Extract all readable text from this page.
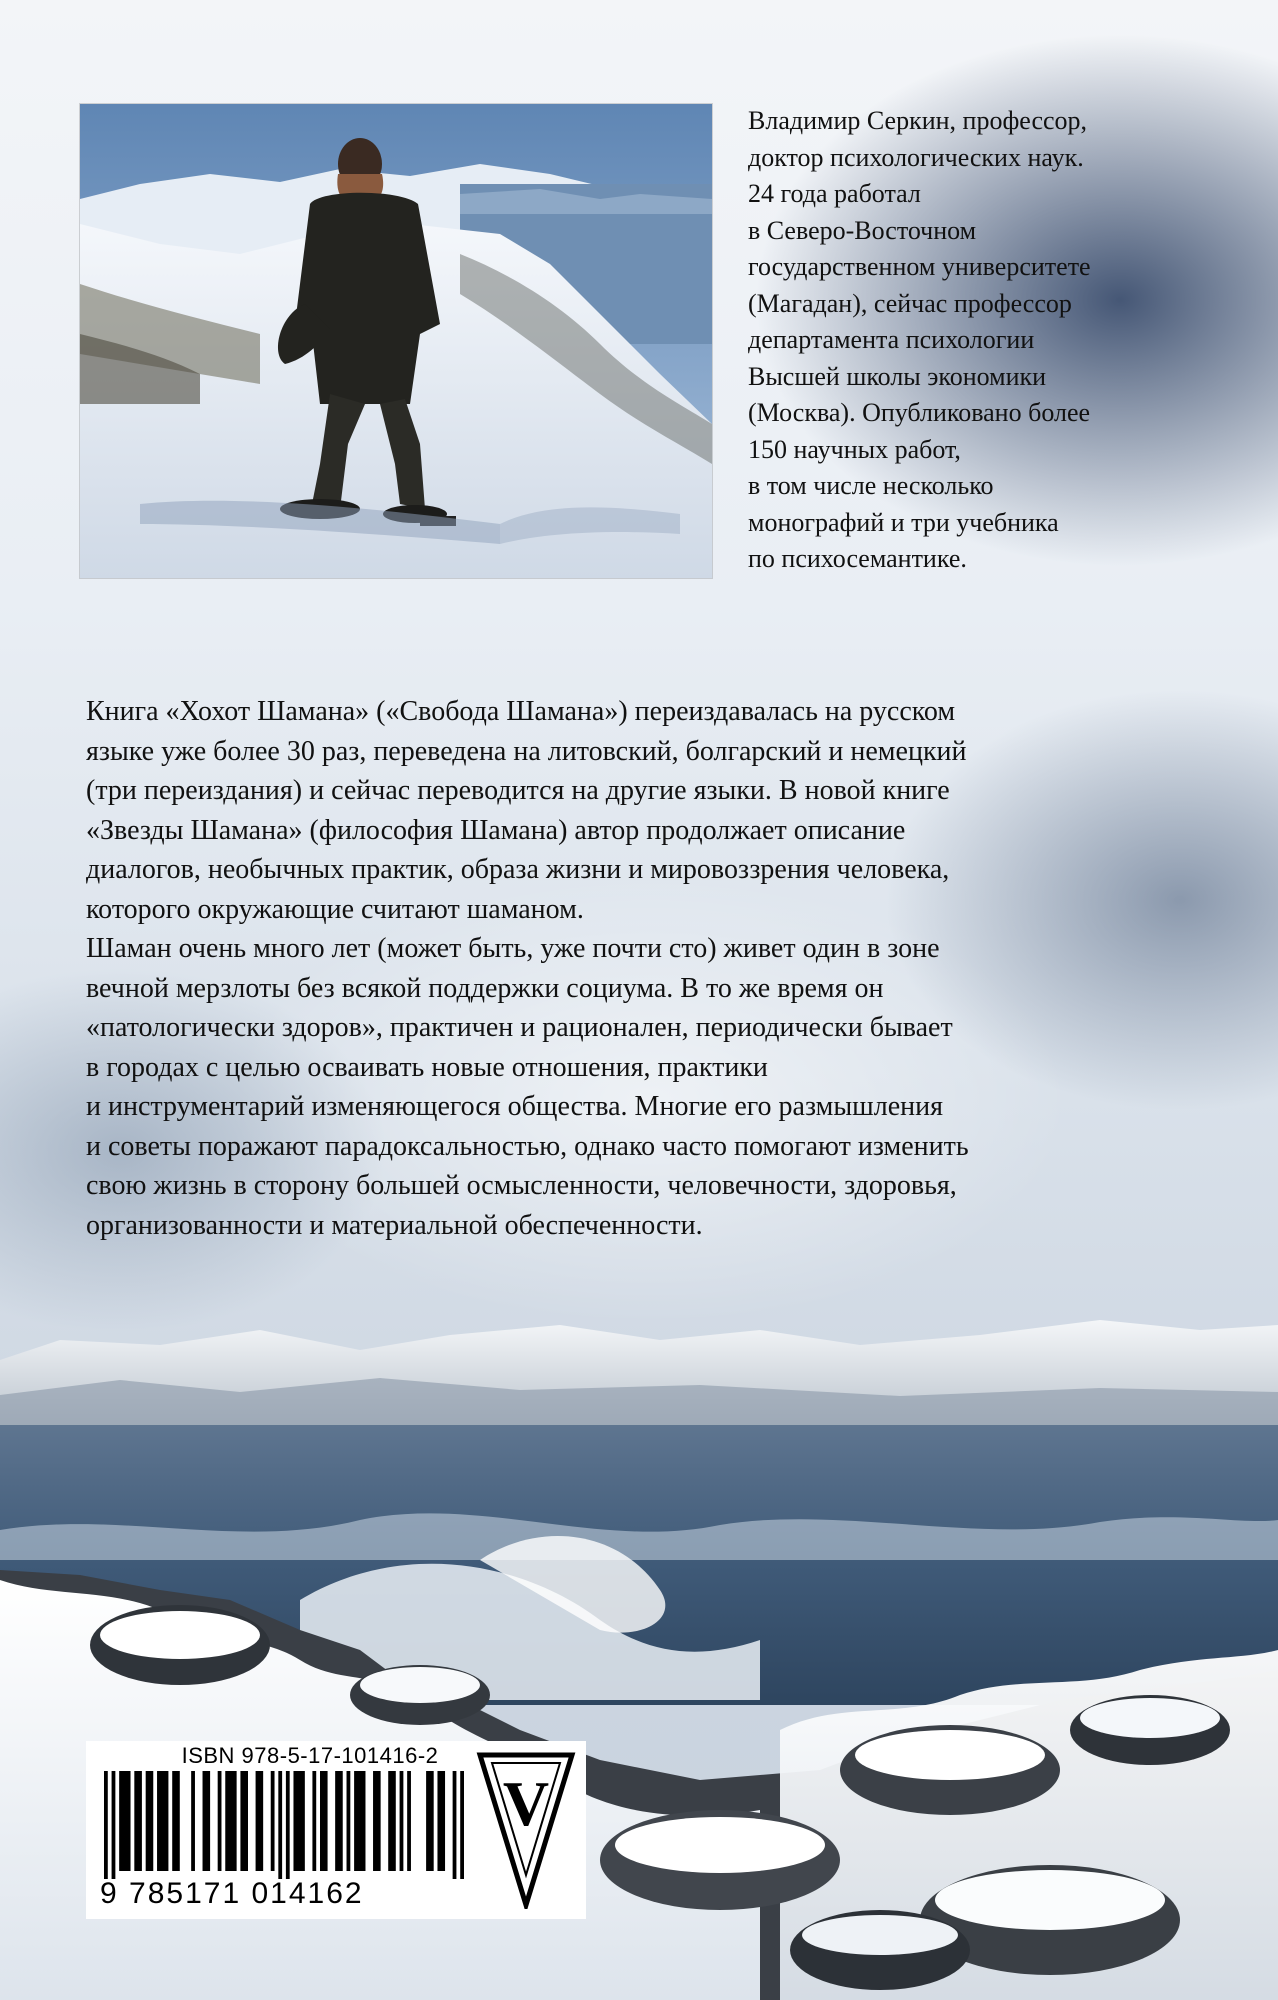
Владимир Серкин, профессор,
доктор психологических наук.
24 года работал
в Северо-Восточном
государственном университете
(Магадан), сейчас профессор
департамента психологии
Высшей школы экономики
(Москва). Опубликовано более
150 научных работ,
в том числе несколько
монографий и три учебника
по психосемантике.
Книга «Хохот Шамана» («Свобода Шамана») переиздавалась на русском
языке уже более 30 раз, переведена на литовский, болгарский и немецкий
(три переиздания) и сейчас переводится на другие языки. В новой книге
«Звезды Шамана» (философия Шамана) автор продолжает описание
диалогов, необычных практик, образа жизни и мировоззрения человека,
которого окружающие считают шаманом.
Шаман очень много лет (может быть, уже почти сто) живет один в зоне
вечной мерзлоты без всякой поддержки социума. В то же время он
«патологически здоров», практичен и рационален, периодически бывает
в городах с целью осваивать новые отношения, практики
и инструментарий изменяющегося общества. Многие его размышления
и советы поражают парадоксальностью, однако часто помогают изменить
свою жизнь в сторону большей осмысленности, человечности, здоровья,
организованности и материальной обеспеченности.
ISBN 978-5-17-101416-2
9 785171 014162
V
